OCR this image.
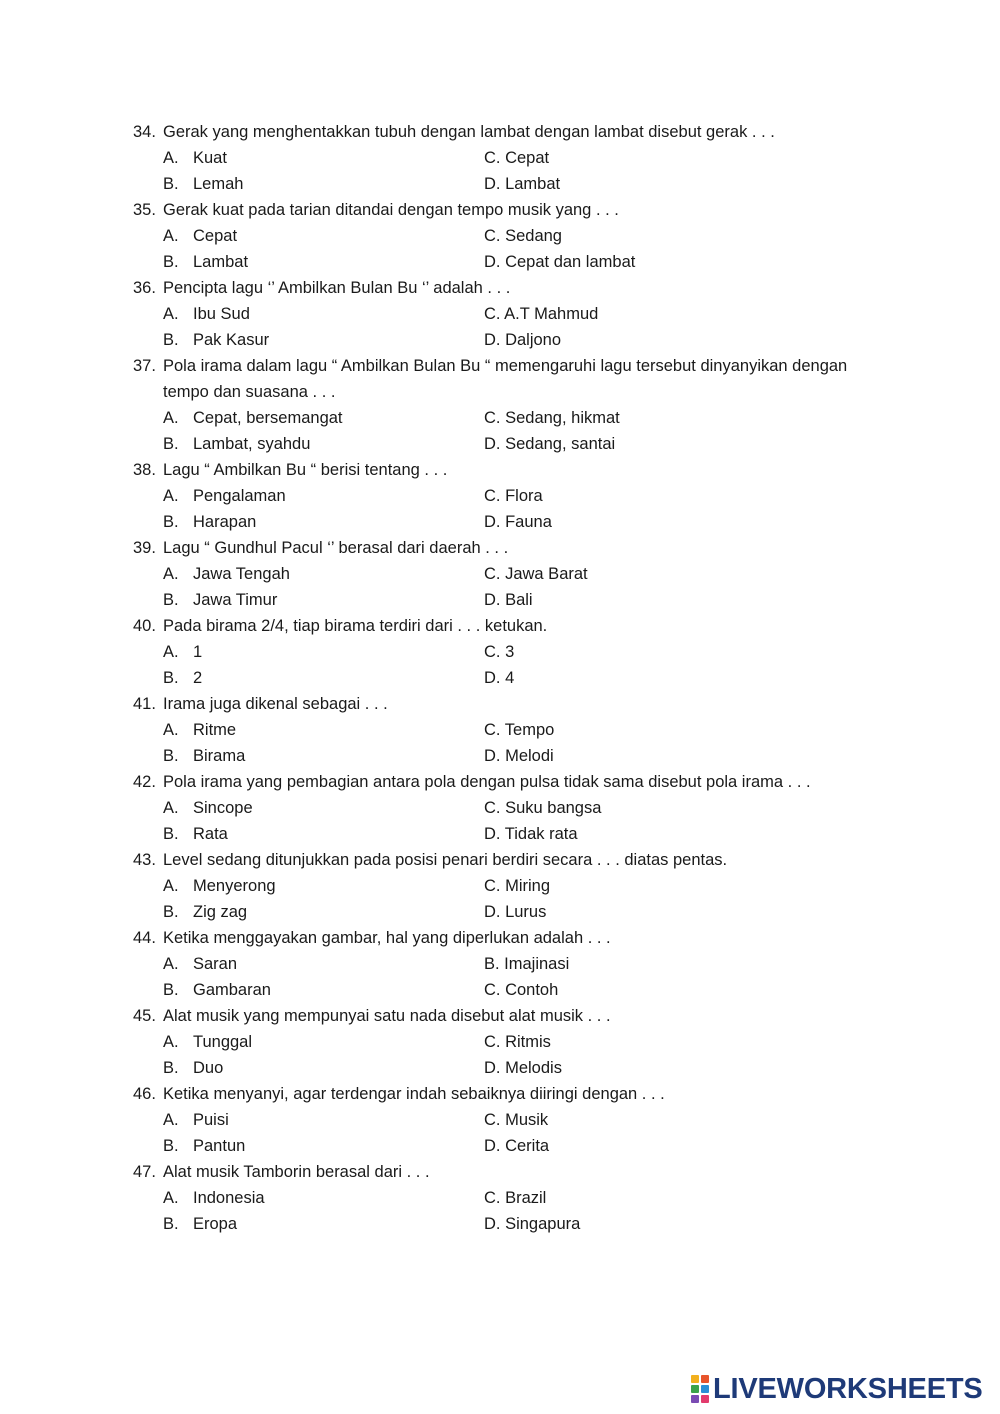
34. Gerak yang menghentakkan tubuh dengan lambat dengan lambat disebut gerak . . .
A. Kuat	C. Cepat
B. Lemah	D. Lambat
35. Gerak kuat pada tarian ditandai dengan tempo musik yang . . .
A. Cepat	C. Sedang
B. Lambat	D. Cepat dan lambat
36. Pencipta lagu ‘’ Ambilkan Bulan Bu ‘’ adalah . . .
A. Ibu Sud	C. A.T Mahmud
B. Pak Kasur	D. Daljono
37. Pola irama dalam lagu “ Ambilkan Bulan Bu “ memengaruhi lagu tersebut dinyanyikan dengan tempo dan suasana . . .
A. Cepat, bersemangat	C. Sedang, hikmat
B. Lambat, syahdu	D. Sedang, santai
38. Lagu “ Ambilkan Bu “ berisi tentang . . .
A. Pengalaman	C. Flora
B. Harapan	D. Fauna
39. Lagu “ Gundhul Pacul ‘’ berasal dari daerah . . .
A. Jawa Tengah	C. Jawa Barat
B. Jawa Timur	D. Bali
40. Pada birama 2/4, tiap birama terdiri dari . . . ketukan.
A. 1	C. 3
B. 2	D. 4
41. Irama juga dikenal sebagai . . .
A. Ritme	C. Tempo
B. Birama	D. Melodi
42. Pola irama yang pembagian antara pola dengan pulsa tidak sama disebut pola irama . . .
A. Sincope	C. Suku bangsa
B. Rata	D. Tidak rata
43. Level sedang ditunjukkan pada posisi penari berdiri secara . . . diatas pentas.
A. Menyerong	C. Miring
B. Zig zag	D. Lurus
44. Ketika menggayakan gambar, hal yang diperlukan adalah . . .
A. Saran	B. Imajinasi
B. Gambaran	C. Contoh
45. Alat musik yang mempunyai satu nada disebut alat musik . . .
A. Tunggal	C. Ritmis
B. Duo	D. Melodis
46. Ketika menyanyi, agar terdengar indah sebaiknya diiringi dengan . . .
A. Puisi	C. Musik
B. Pantun	D. Cerita
47. Alat musik Tamborin berasal dari . . .
A. Indonesia	C. Brazil
B. Eropa	D. Singapura
LIVEWORKSHEETS
